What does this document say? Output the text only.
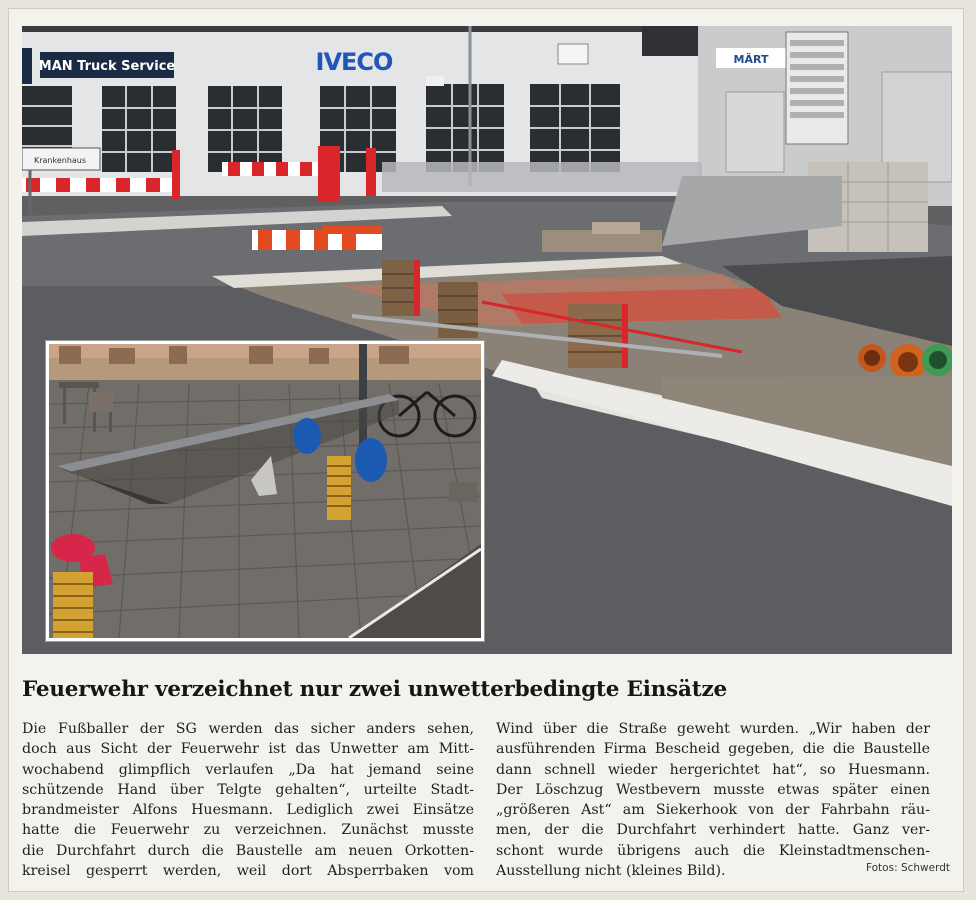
MAN Truck Service	IVECO	MÄRT
Krankenhaus
Feuerwehr verzeichnet nur zwei unwetterbedingte Einsätze
Die Fußballer der SG werden das sicher anders sehen,
doch aus Sicht der Feuerwehr ist das Unwetter am Mitt-
wochabend glimpflich verlaufen „Da hat jemand seine
schützende Hand über Telgte gehalten“, urteilte Stadt-
brandmeister Alfons Huesmann. Lediglich zwei Einsätze
hatte die Feuerwehr zu verzeichnen. Zunächst musste
die Durchfahrt durch die Baustelle am neuen Orkotten-
kreisel gesperrt werden, weil dort Absperrbaken vom
Wind über die Straße geweht wurden. „Wir haben der
ausführenden Firma Bescheid gegeben, die die Baustelle
dann schnell wieder hergerichtet hat“, so Huesmann.
Der Löschzug Westbevern musste etwas später einen
„größeren Ast“ am Siekerhook von der Fahrbahn räu-
men, der die Durchfahrt verhindert hatte. Ganz ver-
schont wurde übrigens auch die Kleinstadtmenschen-
Ausstellung nicht (kleines Bild).	Fotos: Schwerdt
